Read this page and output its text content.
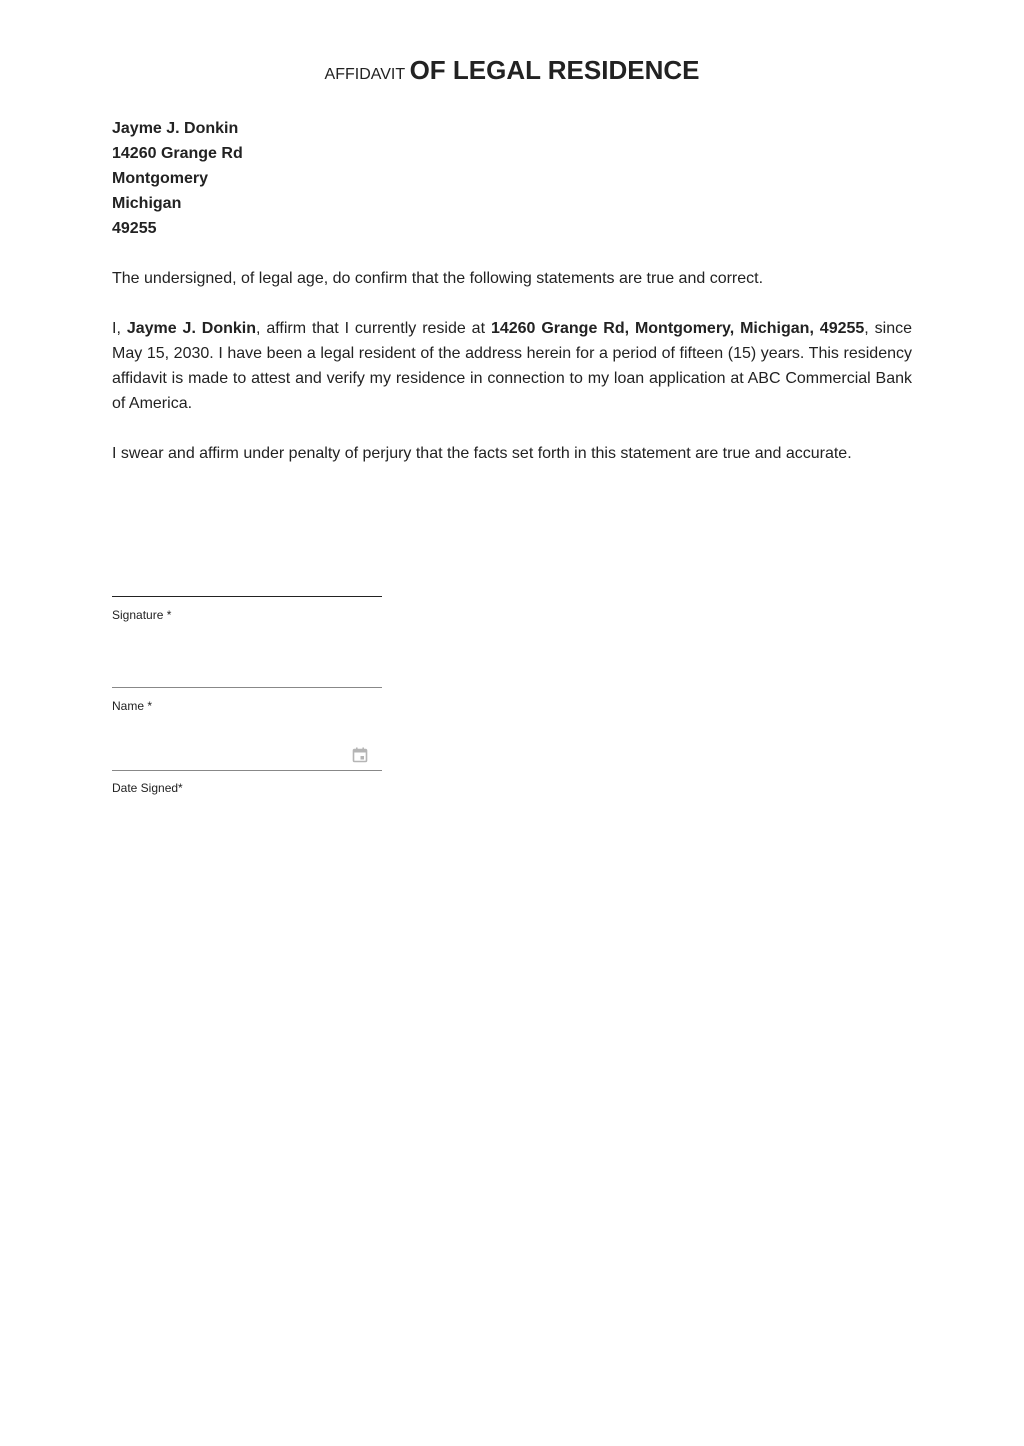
AFFIDAVIT OF LEGAL RESIDENCE
Jayme J. Donkin
14260 Grange Rd
Montgomery
Michigan
49255
The undersigned, of legal age, do confirm that the following statements are true and correct.
I, Jayme J. Donkin, affirm that I currently reside at 14260 Grange Rd, Montgomery, Michigan, 49255, since May 15, 2030. I have been a legal resident of the address herein for a period of fifteen (15) years. This residency affidavit is made to attest and verify my residence in connection to my loan application at ABC Commercial Bank of America.
I swear and affirm under penalty of perjury that the facts set forth in this statement are true and accurate.
Signature *
Name *
Date Signed*
